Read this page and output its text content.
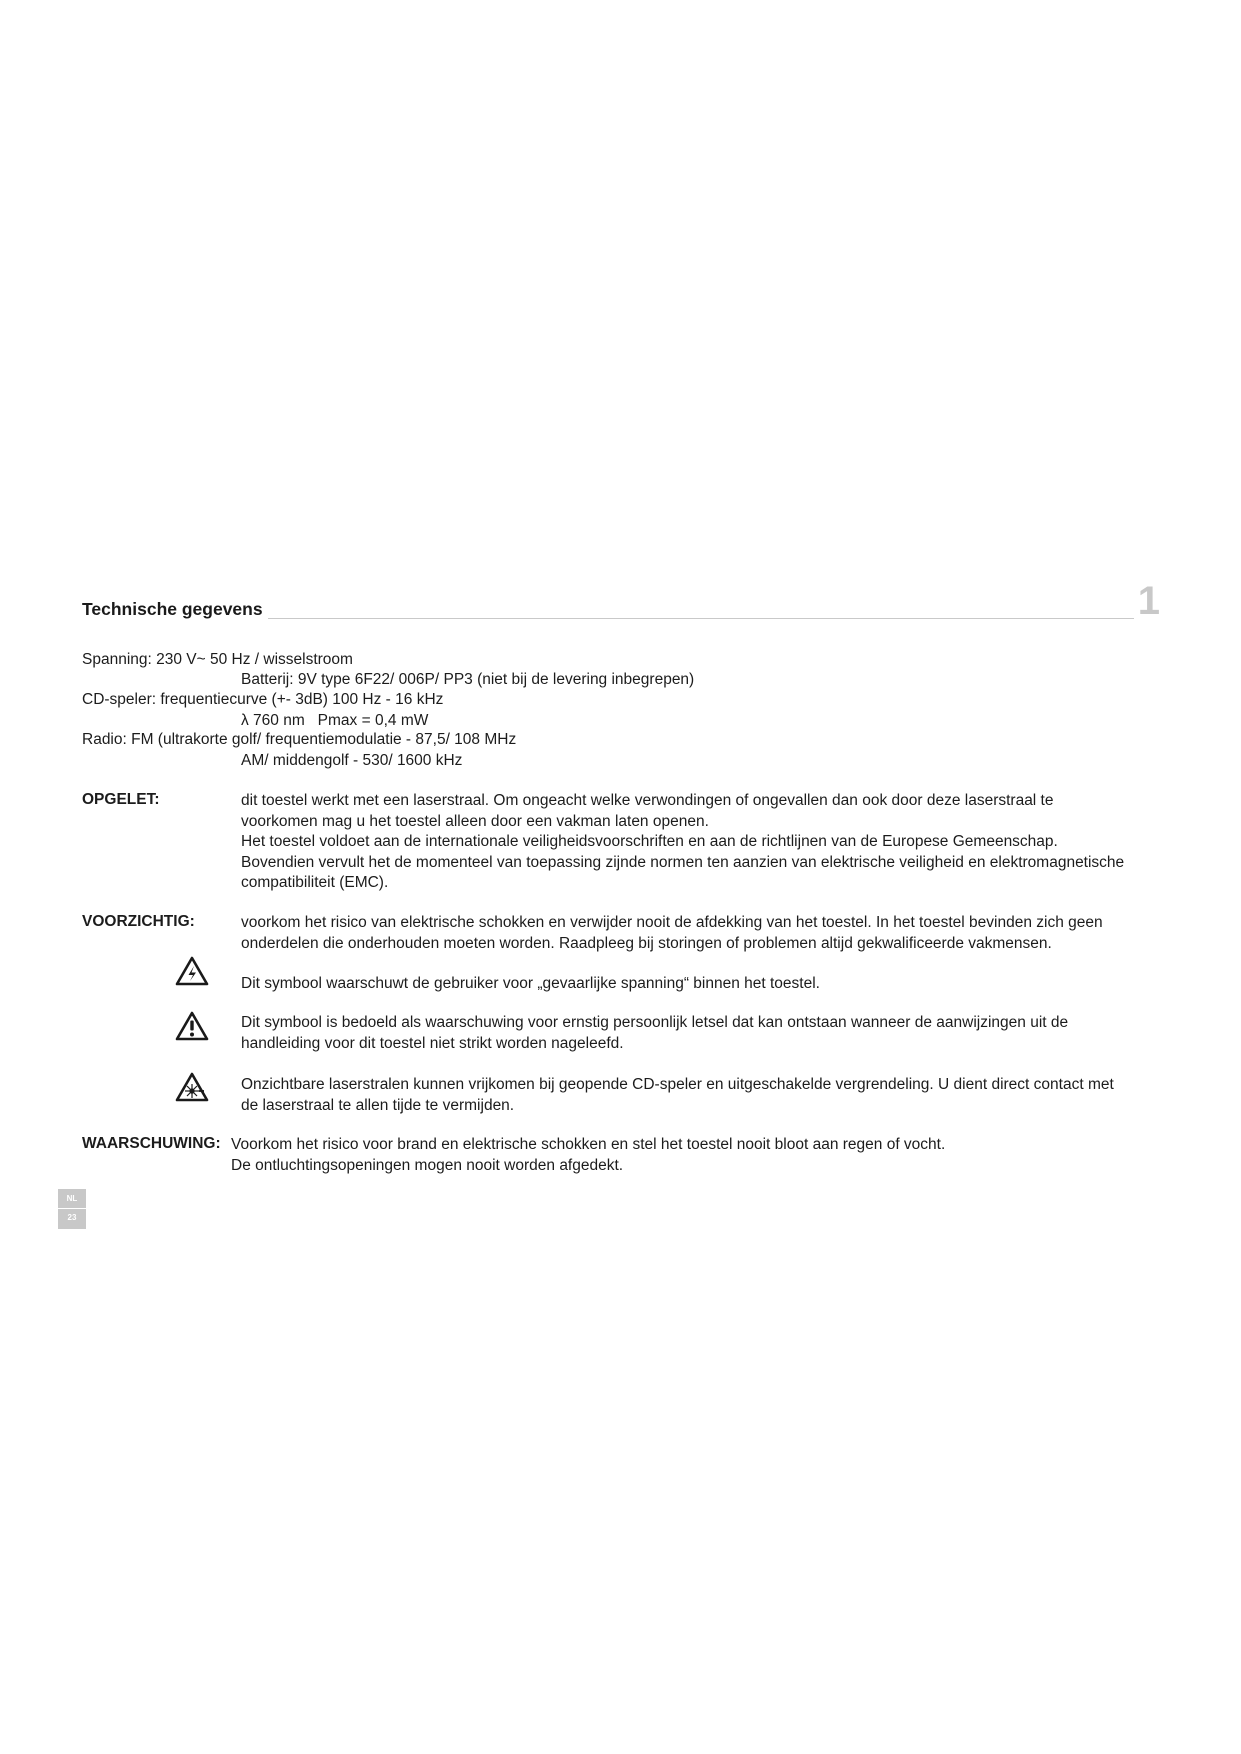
Technische gegevens	1
Spanning: 230 V~ 50 Hz / wisselstroom
Batterij: 9V type 6F22/ 006P/ PP3 (niet bij de levering inbegrepen)
CD-speler: frequentiecurve (+- 3dB) 100 Hz - 16 kHz
λ 760 nm   Pmax = 0,4 mW
Radio: FM (ultrakorte golf/ frequentiemodulatie - 87,5/ 108 MHz
AM/ middengolf - 530/ 1600 kHz
OPGELET:	dit toestel werkt met een laserstraal. Om ongeacht welke verwondingen of ongevallen dan ook door deze laserstraal te
voorkomen mag u het toestel alleen door een vakman laten openen.
Het toestel voldoet aan de internationale veiligheidsvoorschriften en aan de richtlijnen van de Europese Gemeenschap.
Bovendien vervult het de momenteel van toepassing zijnde normen ten aanzien van elektrische veiligheid en elektromagnetische
compatibiliteit (EMC).
VOORZICHTIG:	voorkom het risico van elektrische schokken en verwijder nooit de afdekking van het toestel. In het toestel bevinden zich geen
onderdelen die onderhouden moeten worden. Raadpleeg bij storingen of problemen altijd gekwalificeerde vakmensen.
Dit symbool waarschuwt de gebruiker voor „gevaarlijke spanning“ binnen het toestel.
Dit symbool is bedoeld als waarschuwing voor ernstig persoonlijk letsel dat kan ontstaan wanneer de aanwijzingen uit de
handleiding voor dit toestel niet strikt worden nageleefd.
Onzichtbare laserstralen kunnen vrijkomen bij geopende CD-speler en uitgeschakelde vergrendeling. U dient direct contact met
de laserstraal te allen tijde te vermijden.
WAARSCHUWING: Voorkom het risico voor brand en elektrische schokken en stel het toestel nooit bloot aan regen of vocht.
De ontluchtingsopeningen mogen nooit worden afgedekt.
NL
23
